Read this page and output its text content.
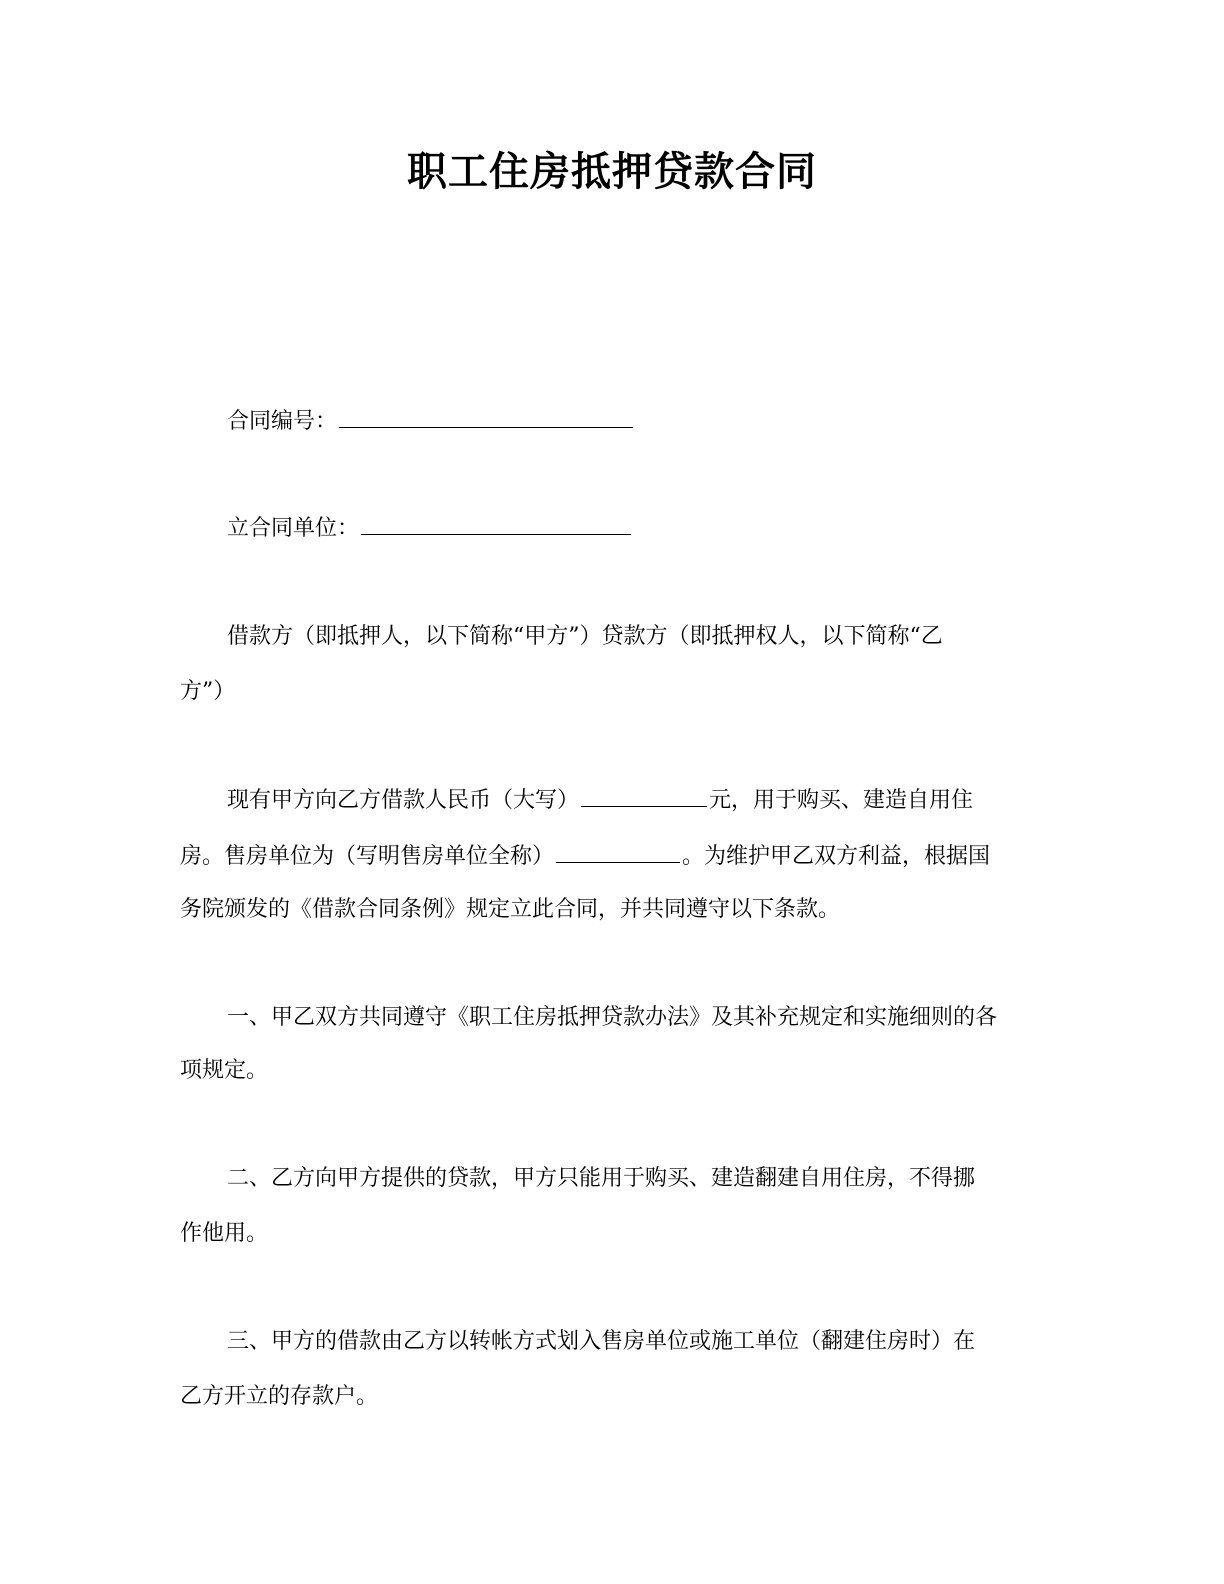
职工住房抵押贷款合同
合同编号：
立合同单位：
借款方（即抵押人，以下简称“甲方”）贷款方（即抵押权人，以下简称“乙
方”）
现有甲方向乙方借款人民币（大写）	元，用于购买、建造自用住
房。售房单位为（写明售房单位全称）	。为维护甲乙双方利益，根据国
务院颁发的《借款合同条例》规定立此合同，并共同遵守以下条款。
一、甲乙双方共同遵守《职工住房抵押贷款办法》及其补充规定和实施细则的各
项规定。
二、乙方向甲方提供的贷款，甲方只能用于购买、建造翻建自用住房，不得挪
作他用。
三、甲方的借款由乙方以转帐方式划入售房单位或施工单位（翻建住房时）在
乙方开立的存款户。
